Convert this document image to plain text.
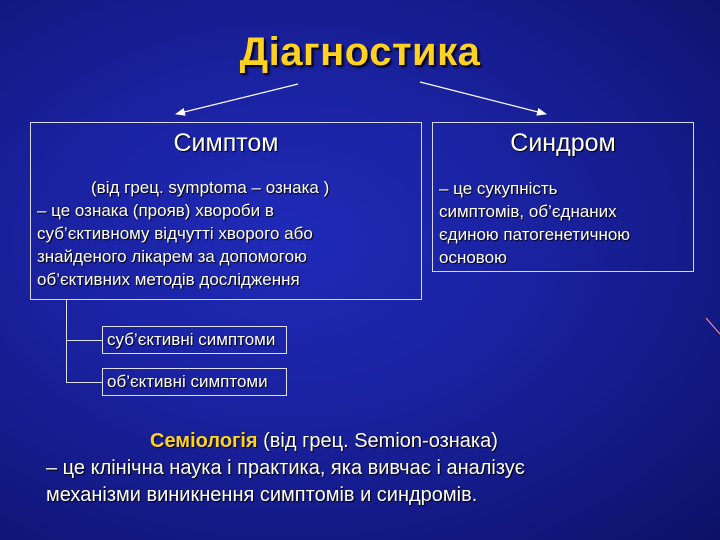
Діагностика
Симптом
(від грец. symptoma – ознака )
– це ознака (прояв) хвороби в
суб’єктивному відчутті хворого або
знайденого лікарем за допомогою
об’єктивних методів дослідження
Синдром
– це сукупність
симптомів, об’єднаних
єдиною патогенетичною
основою
суб’єктивні симптоми
об’єктивні симптоми
Семіологія (від грец. Semion-ознака)
– це клінічна наука і практика, яка вивчає і аналізує
механізми виникнення симптомів и синдромів.
